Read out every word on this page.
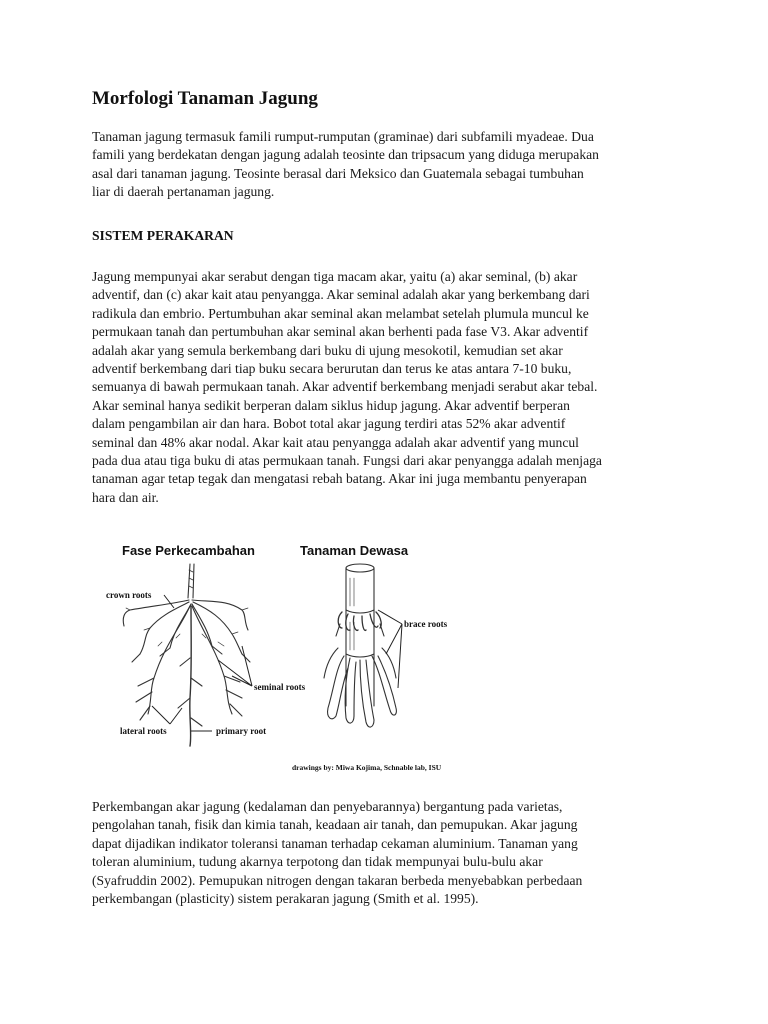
Morfologi Tanaman Jagung

Tanaman jagung termasuk famili rumput-rumputan (graminae) dari subfamili myadeae. Dua
famili yang berdekatan dengan jagung adalah teosinte dan tripsacum yang diduga merupakan
asal dari tanaman jagung. Teosinte berasal dari Meksico dan Guatemala sebagai tumbuhan
liar di daerah pertanaman jagung.

SISTEM PERAKARAN

Jagung mempunyai akar serabut dengan tiga macam akar, yaitu (a) akar seminal, (b) akar
adventif, dan (c) akar kait atau penyangga. Akar seminal adalah akar yang berkembang dari
radikula dan embrio. Pertumbuhan akar seminal akan melambat setelah plumula muncul ke
permukaan tanah dan pertumbuhan akar seminal akan berhenti pada fase V3. Akar adventif
adalah akar yang semula berkembang dari buku di ujung mesokotil, kemudian set akar
adventif berkembang dari tiap buku secara berurutan dan terus ke atas antara 7-10 buku,
semuanya di bawah permukaan tanah. Akar adventif berkembang menjadi serabut akar tebal.
Akar seminal hanya sedikit berperan dalam siklus hidup jagung. Akar adventif berperan
dalam pengambilan air dan hara. Bobot total akar jagung terdiri atas 52% akar adventif
seminal dan 48% akar nodal. Akar kait atau penyangga adalah akar adventif yang muncul
pada dua atau tiga buku di atas permukaan tanah. Fungsi dari akar penyangga adalah menjaga
tanaman agar tetap tegak dan mengatasi rebah batang. Akar ini juga membantu penyerapan
hara dan air.

Fase Perkecambahan	Tanaman Dewasa
crown roots
seminal roots
lateral roots	primary root
brace roots
drawings by: Miwa Kojima, Schnable lab, ISU

Perkembangan akar jagung (kedalaman dan penyebarannya) bergantung pada varietas,
pengolahan tanah, fisik dan kimia tanah, keadaan air tanah, dan pemupukan. Akar jagung
dapat dijadikan indikator toleransi tanaman terhadap cekaman aluminium. Tanaman yang
toleran aluminium, tudung akarnya terpotong dan tidak mempunyai bulu-bulu akar
(Syafruddin 2002). Pemupukan nitrogen dengan takaran berbeda menyebabkan perbedaan
perkembangan (plasticity) sistem perakaran jagung (Smith et al. 1995).
